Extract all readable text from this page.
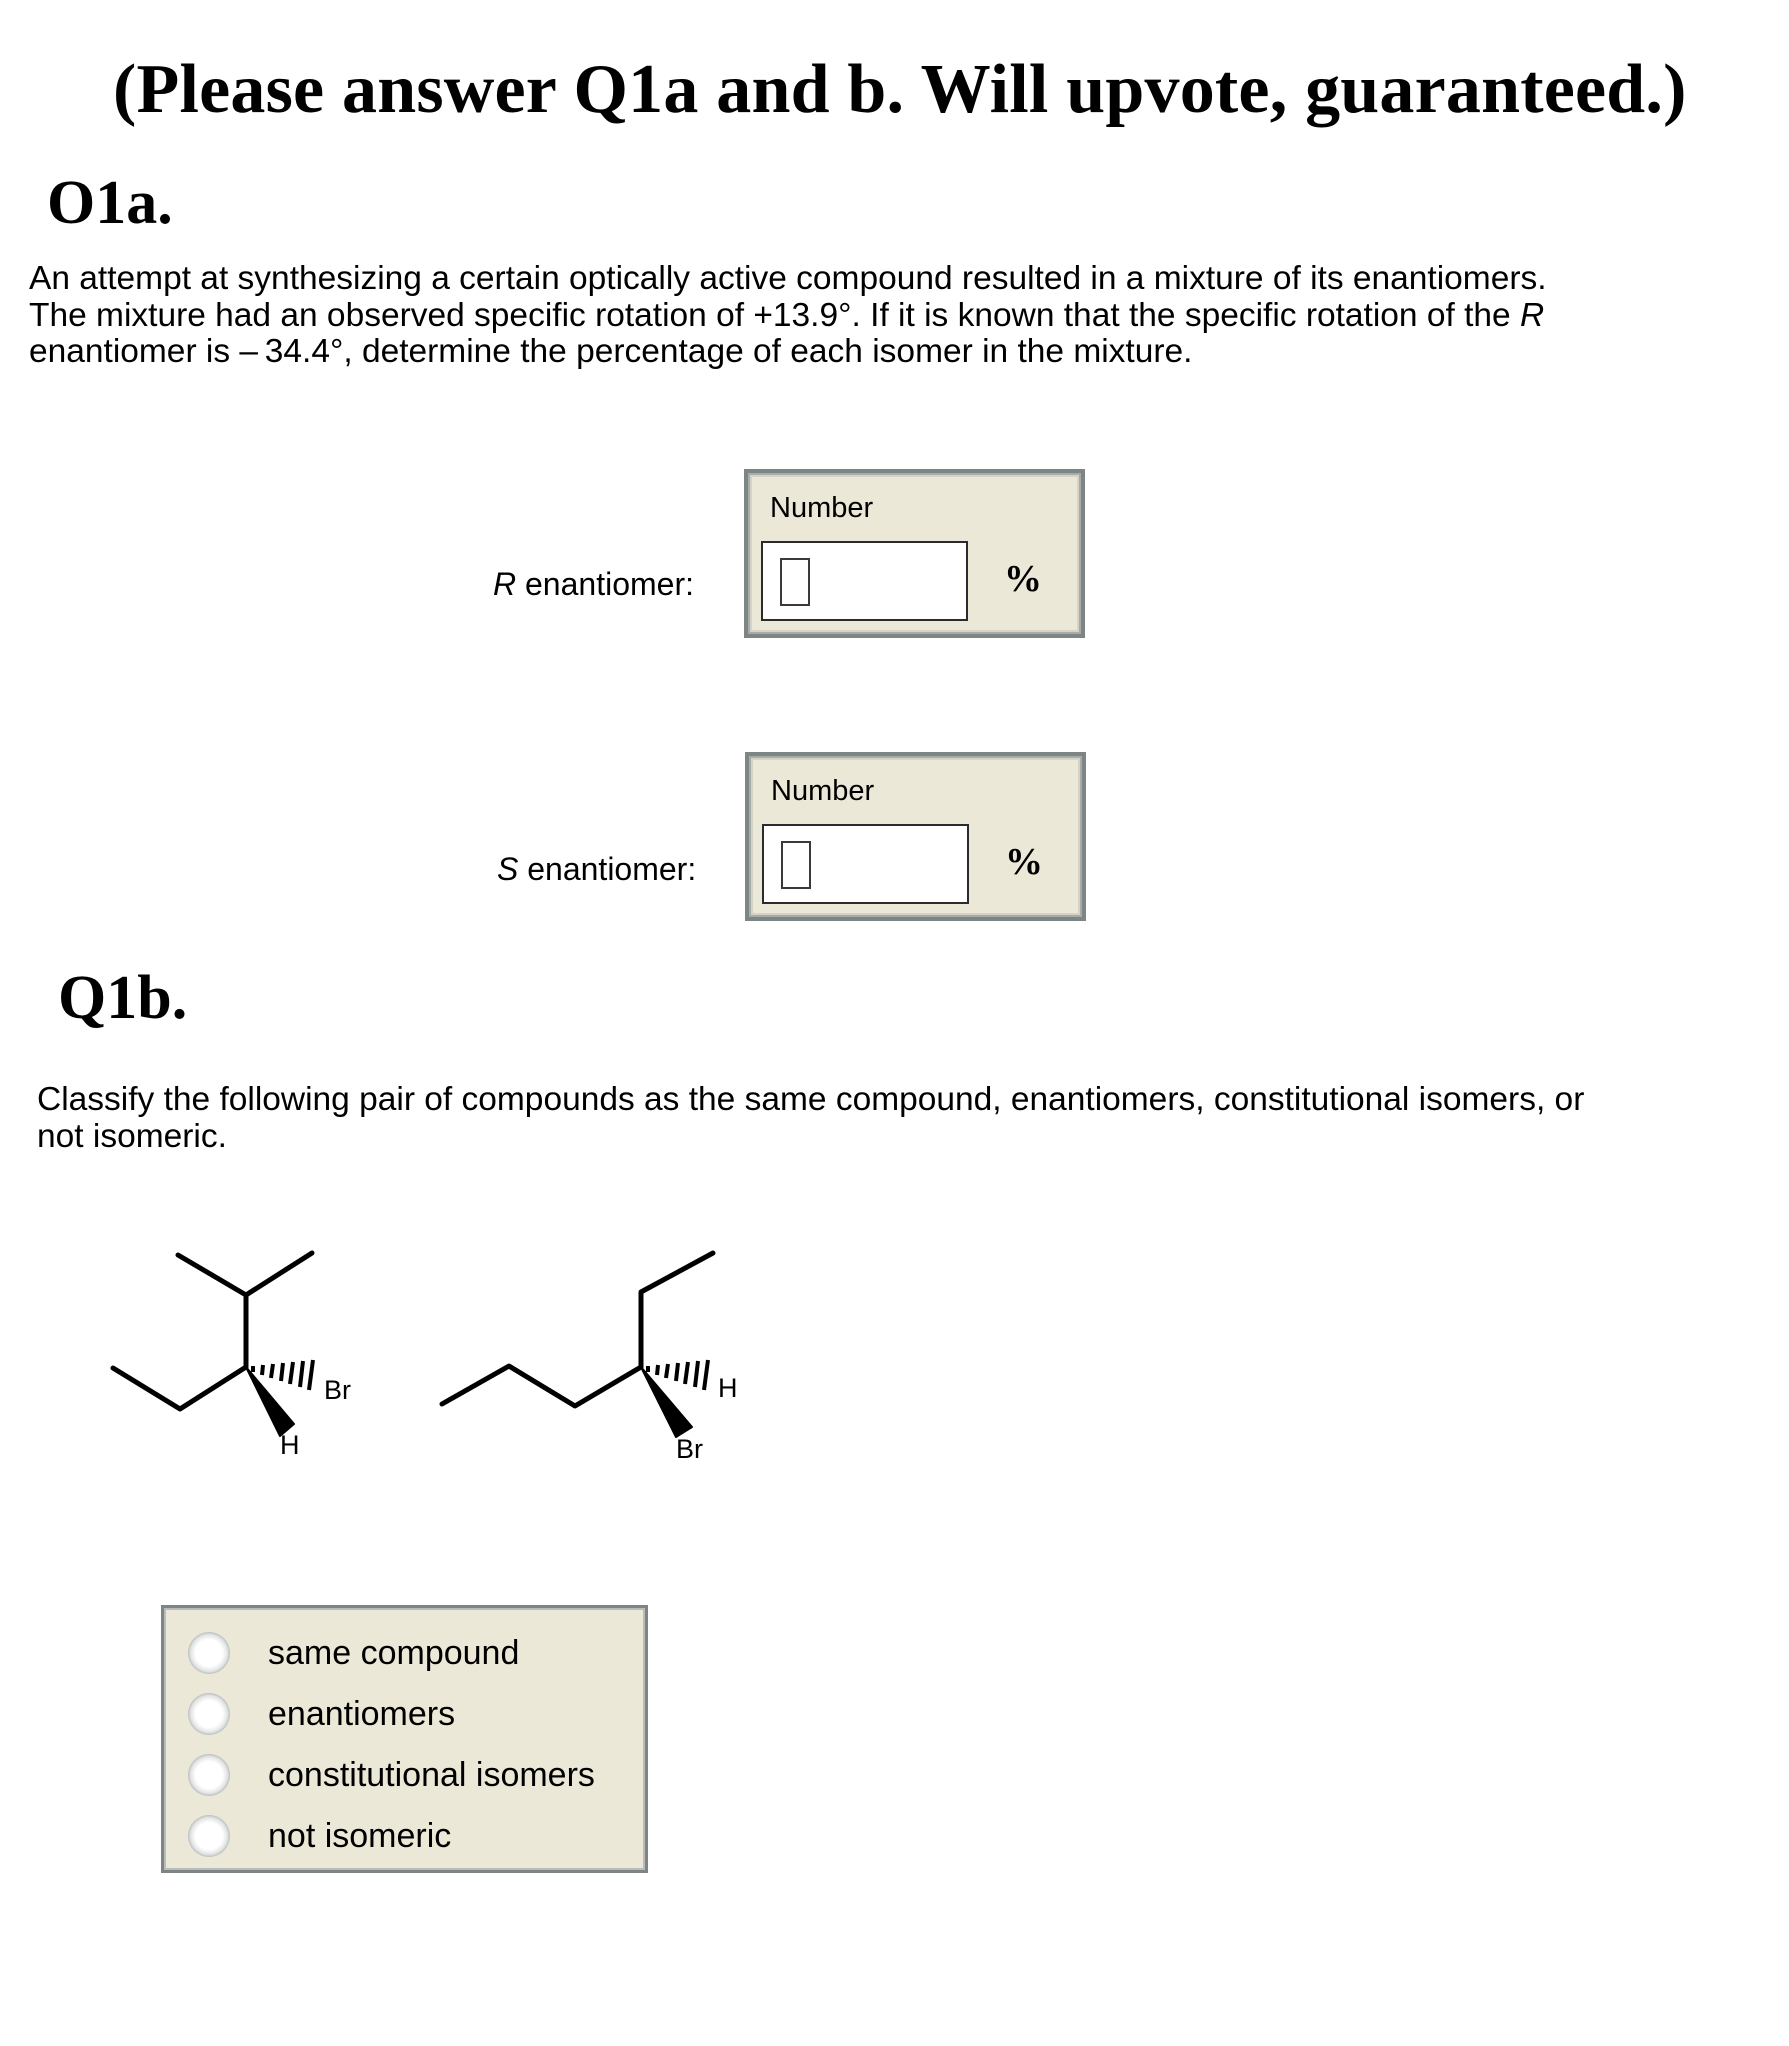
(Please answer Q1a and b. Will upvote, guaranteed.)
O1a.
An attempt at synthesizing a certain optically active compound resulted in a mixture of its enantiomers.
The mixture had an observed specific rotation of +13.9°. If it is known that the specific rotation of the R
enantiomer is – 34.4°, determine the percentage of each isomer in the mixture.
R enantiomer:
Number
%
S enantiomer:
Number
%
Q1b.
Classify the following pair of compounds as the same compound, enantiomers, constitutional isomers, or
not isomeric.
Br
H
H
Br
same compound
enantiomers
constitutional isomers
not isomeric
